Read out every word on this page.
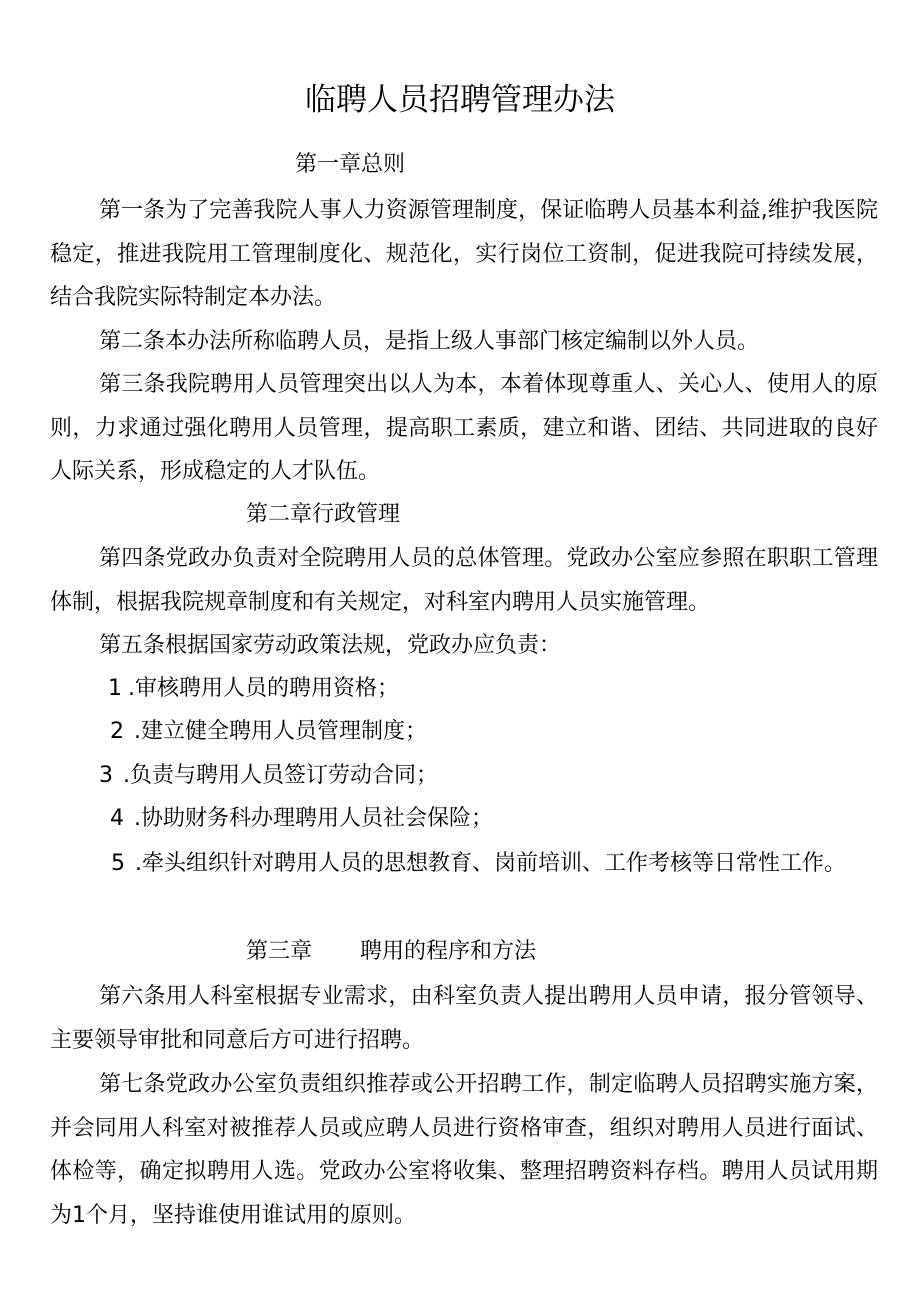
临聘人员招聘管理办法
第一章总则
第一条为了完善我院人事人力资源管理制度，保证临聘人员基本利益,维护我医院稳定，推进我院用工管理制度化、规范化，实行岗位工资制，促进我院可持续发展，结合我院实际特制定本办法。
第二条本办法所称临聘人员，是指上级人事部门核定编制以外人员。
第三条我院聘用人员管理突出以人为本，本着体现尊重人、关心人、使用人的原则，力求通过强化聘用人员管理，提高职工素质，建立和谐、团结、共同进取的良好人际关系，形成稳定的人才队伍。
第二章行政管理
第四条党政办负责对全院聘用人员的总体管理。党政办公室应参照在职职工管理体制，根据我院规章制度和有关规定，对科室内聘用人员实施管理。
第五条根据国家劳动政策法规，党政办应负责：
1 .审核聘用人员的聘用资格；
2 .建立健全聘用人员管理制度；
3 .负责与聘用人员签订劳动合同；
4 .协助财务科办理聘用人员社会保险；
5 .牵头组织针对聘用人员的思想教育、岗前培训、工作考核等日常性工作。
第三章 聘用的程序和方法
第六条用人科室根据专业需求，由科室负责人提出聘用人员申请，报分管领导、主要领导审批和同意后方可进行招聘。
第七条党政办公室负责组织推荐或公开招聘工作，制定临聘人员招聘实施方案，并会同用人科室对被推荐人员或应聘人员进行资格审查，组织对聘用人员进行面试、体检等，确定拟聘用人选。党政办公室将收集、整理招聘资料存档。聘用人员试用期为1个月，坚持谁使用谁试用的原则。
